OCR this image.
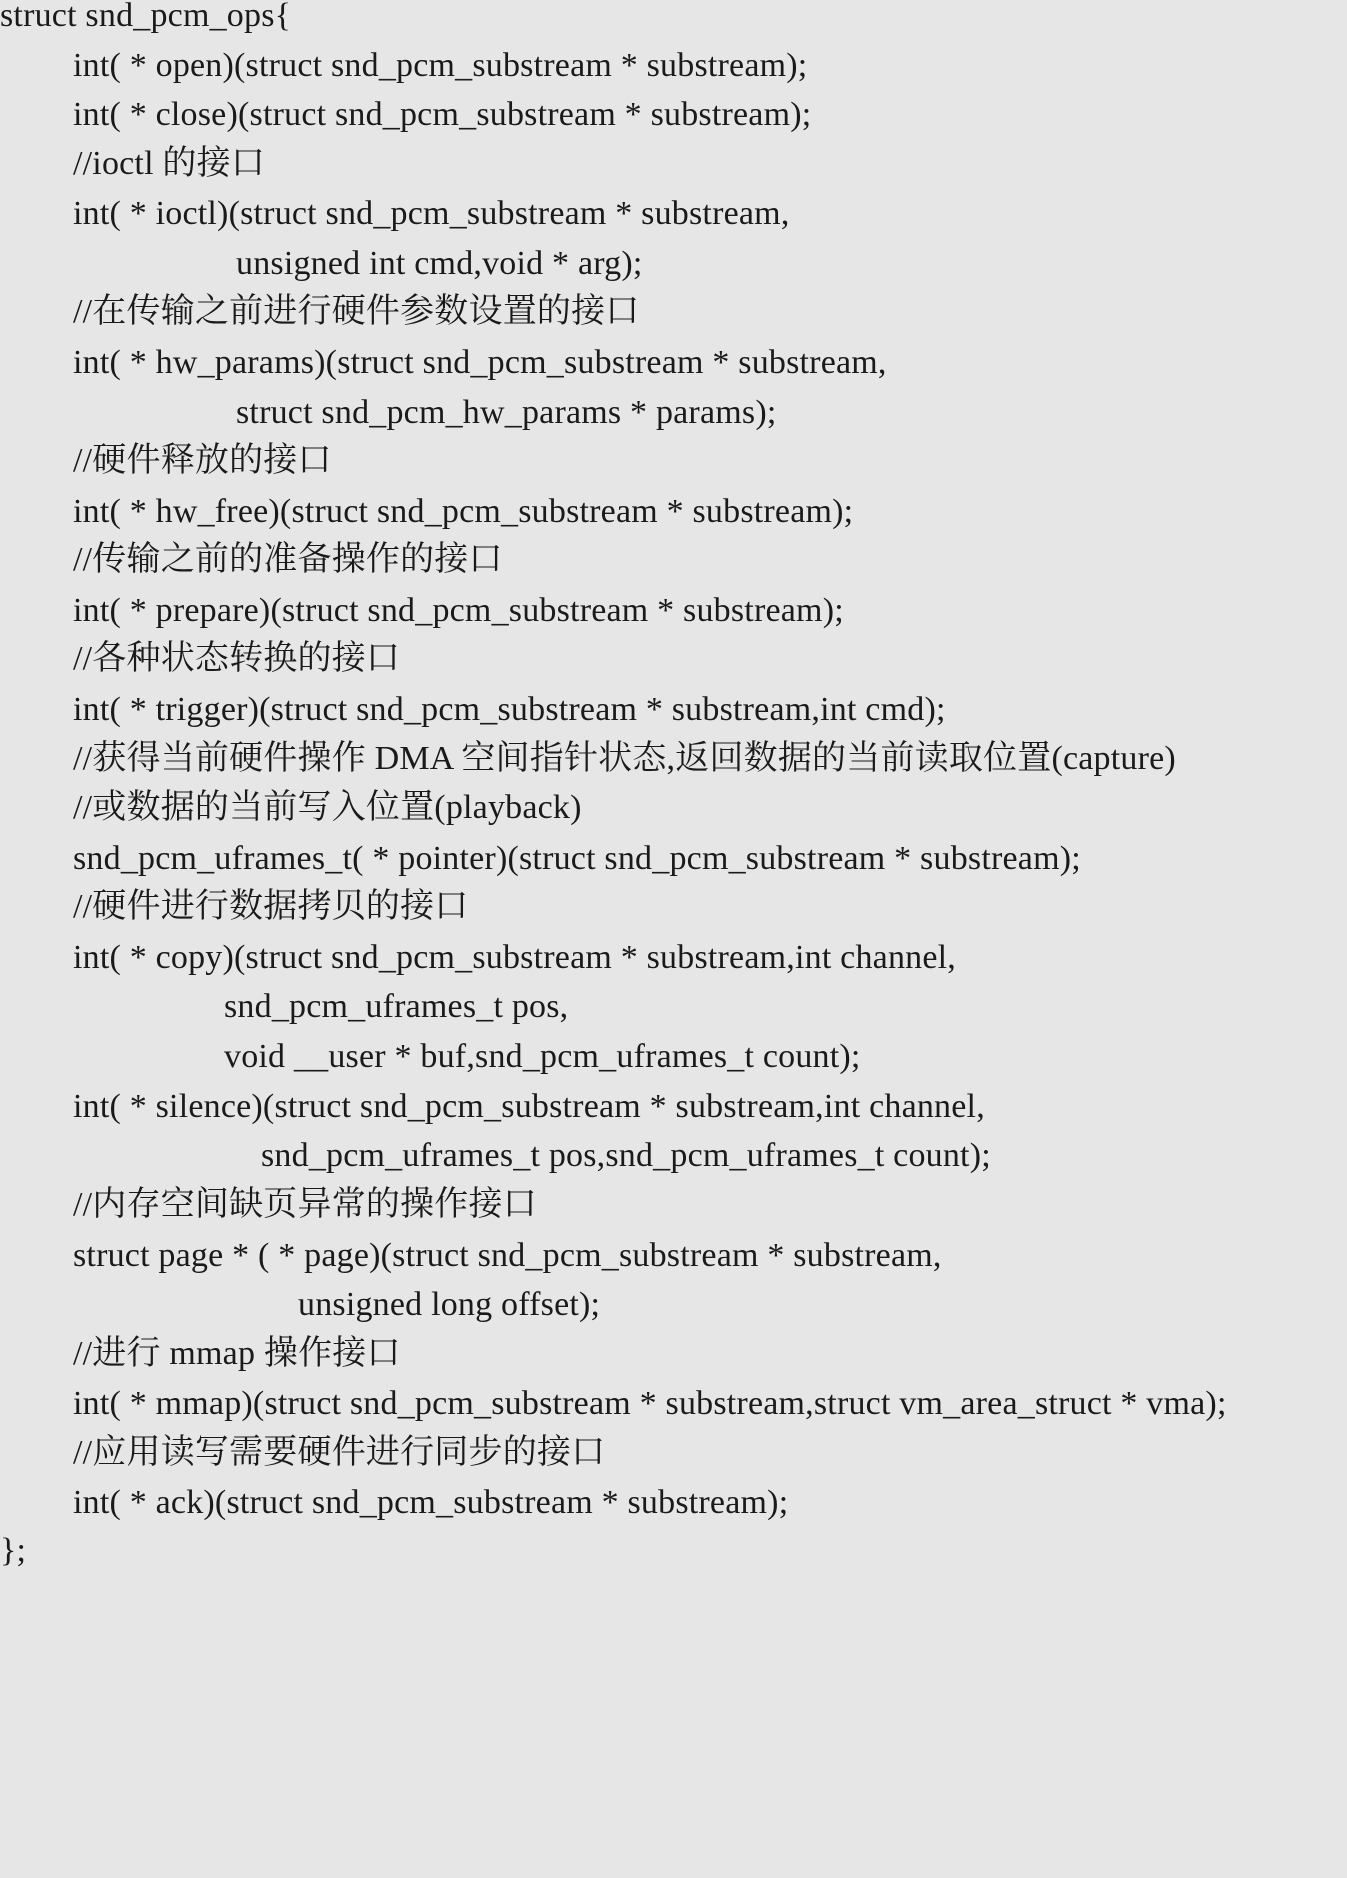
struct snd_pcm_ops{
int( * open)(struct snd_pcm_substream * substream);
int( * close)(struct snd_pcm_substream * substream);
//ioctl 的接口
int( * ioctl)(struct snd_pcm_substream * substream,
unsigned int cmd,void * arg);
//在传输之前进行硬件参数设置的接口
int( * hw_params)(struct snd_pcm_substream * substream,
struct snd_pcm_hw_params * params);
//硬件释放的接口
int( * hw_free)(struct snd_pcm_substream * substream);
//传输之前的准备操作的接口
int( * prepare)(struct snd_pcm_substream * substream);
//各种状态转换的接口
int( * trigger)(struct snd_pcm_substream * substream,int cmd);
//获得当前硬件操作 DMA 空间指针状态,返回数据的当前读取位置(capture)
//或数据的当前写入位置(playback)
snd_pcm_uframes_t( * pointer)(struct snd_pcm_substream * substream);
//硬件进行数据拷贝的接口
int( * copy)(struct snd_pcm_substream * substream,int channel,
snd_pcm_uframes_t pos,
void __user * buf,snd_pcm_uframes_t count);
int( * silence)(struct snd_pcm_substream * substream,int channel,
snd_pcm_uframes_t pos,snd_pcm_uframes_t count);
//内存空间缺页异常的操作接口
struct page * ( * page)(struct snd_pcm_substream * substream,
unsigned long offset);
//进行 mmap 操作接口
int( * mmap)(struct snd_pcm_substream * substream,struct vm_area_struct * vma);
//应用读写需要硬件进行同步的接口
int( * ack)(struct snd_pcm_substream * substream);
};
